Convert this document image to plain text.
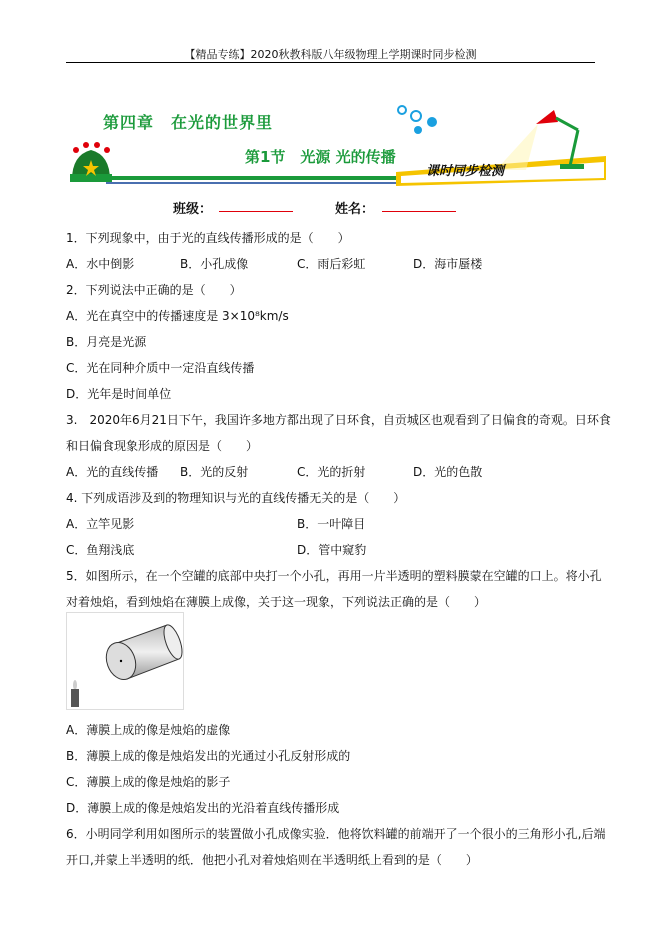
【精品专练】2020秋教科版八年级物理上学期课时同步检测
第四章　在光的世界里
第1节　光源 光的传播
课时同步检测
班级：	姓名：
1．下列现象中，由于光的直线传播形成的是（　　）
A．水中倒影	B．小孔成像	C．雨后彩虹	D．海市蜃楼
2．下列说法中正确的是（　　）
A．光在真空中的传播速度是 3×10⁸km/s
B．月亮是光源
C．光在同种介质中一定沿直线传播
D．光年是时间单位
3.　2020年6月21日下午，我国许多地方都出现了日环食，自贡城区也观看到了日偏食的奇观。日环食
和日偏食现象形成的原因是（　　）
A．光的直线传播 B．光的反射	C．光的折射	D．光的色散
4. 下列成语涉及到的物理知识与光的直线传播无关的是（　　）
A．立竿见影	B．一叶障目
C．鱼翔浅底	D．管中窥豹
5．如图所示，在一个空罐的底部中央打一个小孔，再用一片半透明的塑料膜蒙在空罐的口上。将小孔
对着烛焰，看到烛焰在薄膜上成像，关于这一现象，下列说法正确的是（　　）
A．薄膜上成的像是烛焰的虚像
B．薄膜上成的像是烛焰发出的光通过小孔反射形成的
C．薄膜上成的像是烛焰的影子
D．薄膜上成的像是烛焰发出的光沿着直线传播形成
6．小明同学利用如图所示的装置做小孔成像实验．他将饮料罐的前端开了一个很小的三角形小孔,后端
开口,并蒙上半透明的纸．他把小孔对着烛焰则在半透明纸上看到的是（　　）
